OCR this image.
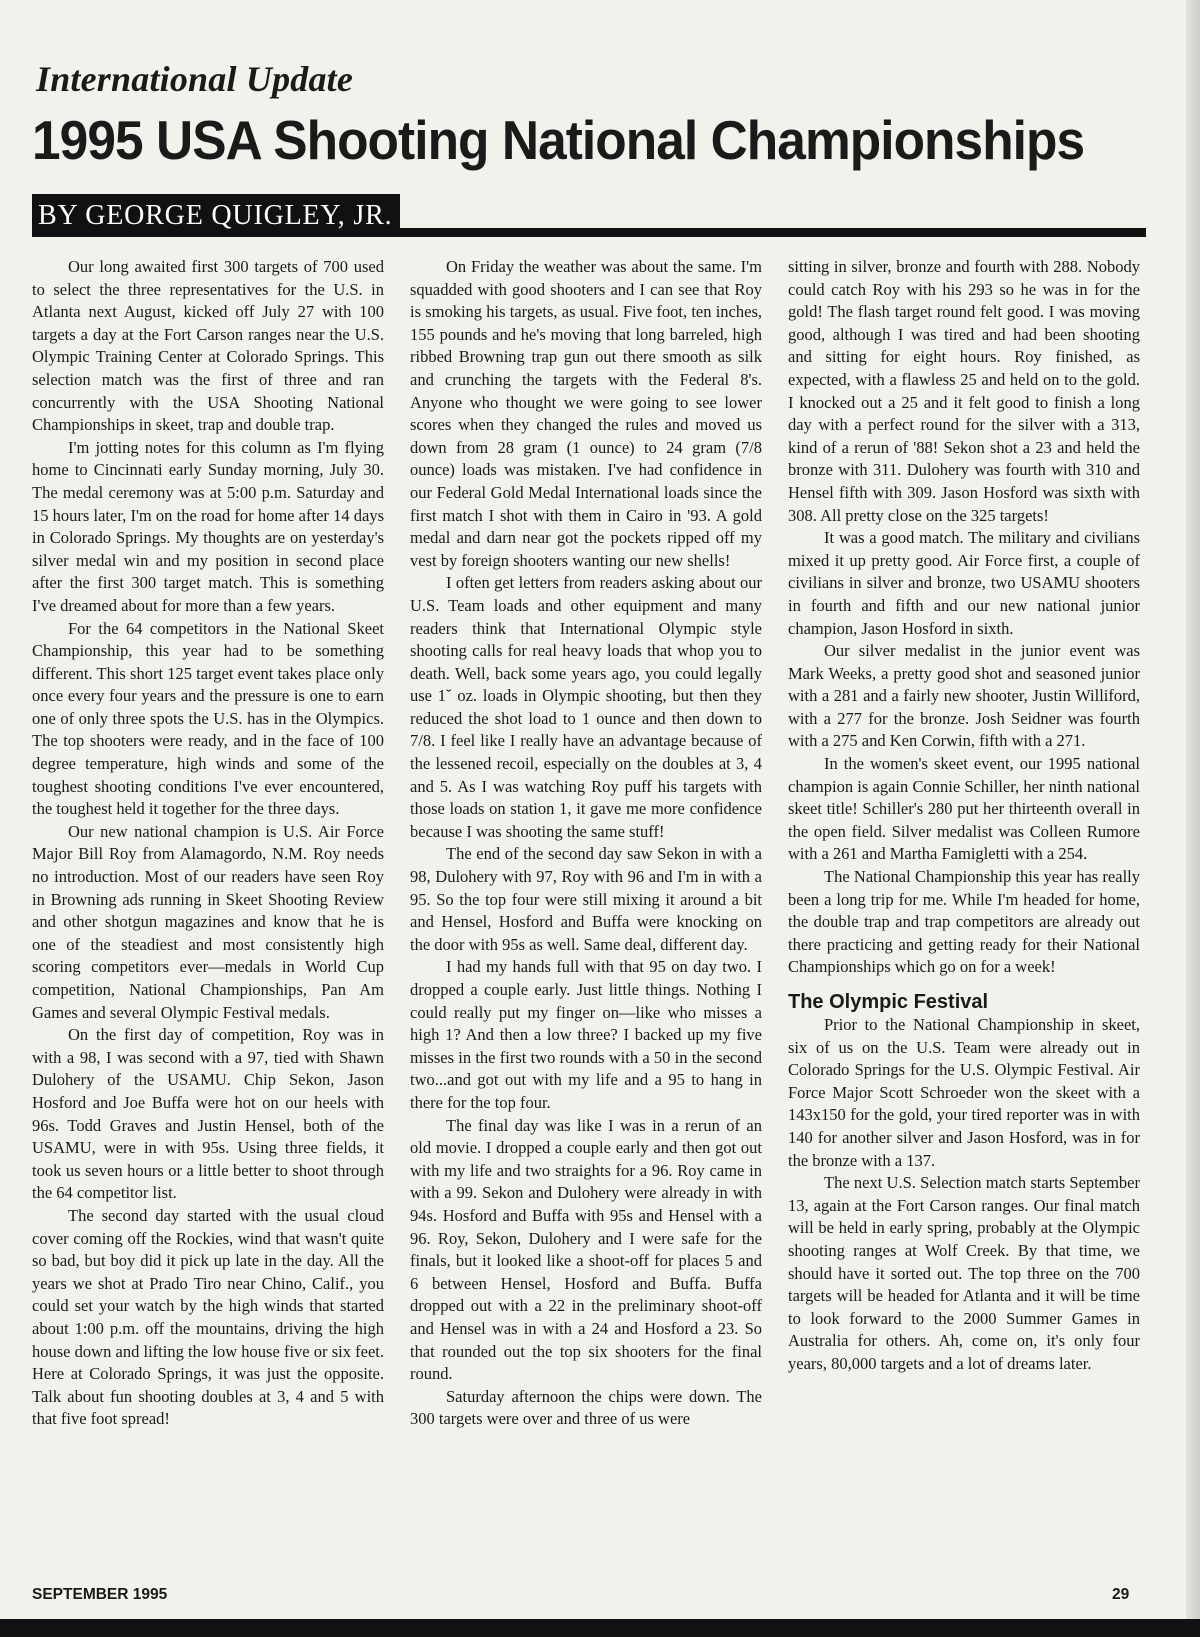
International Update
1995 USA Shooting National Championships
BY GEORGE QUIGLEY, JR.

Our long awaited first 300 targets of 700 used to select the three representatives for the U.S. in Atlanta next August, kicked off July 27 with 100 targets a day at the Fort Carson ranges near the U.S. Olympic Training Center at Colorado Springs. This selection match was the first of three and ran concurrently with the USA Shooting National Championships in skeet, trap and double trap.

I'm jotting notes for this column as I'm flying home to Cincinnati early Sunday morning, July 30. The medal ceremony was at 5:00 p.m. Saturday and 15 hours later, I'm on the road for home after 14 days in Colorado Springs. My thoughts are on yesterday's silver medal win and my position in second place after the first 300 target match. This is something I've dreamed about for more than a few years.

For the 64 competitors in the National Skeet Championship, this year had to be something different. This short 125 target event takes place only once every four years and the pressure is one to earn one of only three spots the U.S. has in the Olympics. The top shooters were ready, and in the face of 100 degree temperature, high winds and some of the toughest shooting conditions I've ever encountered, the toughest held it together for the three days.

Our new national champion is U.S. Air Force Major Bill Roy from Alamagordo, N.M. Roy needs no introduction. Most of our readers have seen Roy in Browning ads running in Skeet Shooting Review and other shotgun magazines and know that he is one of the steadiest and most consistently high scoring competitors ever—medals in World Cup competition, National Championships, Pan Am Games and several Olympic Festival medals.

On the first day of competition, Roy was in with a 98, I was second with a 97, tied with Shawn Dulohery of the USAMU. Chip Sekon, Jason Hosford and Joe Buffa were hot on our heels with 96s. Todd Graves and Justin Hensel, both of the USAMU, were in with 95s. Using three fields, it took us seven hours or a little better to shoot through the 64 competitor list.

The second day started with the usual cloud cover coming off the Rockies, wind that wasn't quite so bad, but boy did it pick up late in the day. All the years we shot at Prado Tiro near Chino, Calif., you could set your watch by the high winds that started about 1:00 p.m. off the mountains, driving the high house down and lifting the low house five or six feet. Here at Colorado Springs, it was just the opposite. Talk about fun shooting doubles at 3, 4 and 5 with that five foot spread!

On Friday the weather was about the same. I'm squadded with good shooters and I can see that Roy is smoking his targets, as usual. Five foot, ten inches, 155 pounds and he's moving that long barreled, high ribbed Browning trap gun out there smooth as silk and crunching the targets with the Federal 8's. Anyone who thought we were going to see lower scores when they changed the rules and moved us down from 28 gram (1 ounce) to 24 gram (7/8 ounce) loads was mistaken. I've had confidence in our Federal Gold Medal International loads since the first match I shot with them in Cairo in '93. A gold medal and darn near got the pockets ripped off my vest by foreign shooters wanting our new shells!

I often get letters from readers asking about our U.S. Team loads and other equipment and many readers think that International Olympic style shooting calls for real heavy loads that whop you to death. Well, back some years ago, you could legally use 1˘ oz. loads in Olympic shooting, but then they reduced the shot load to 1 ounce and then down to 7/8. I feel like I really have an advantage because of the lessened recoil, especially on the doubles at 3, 4 and 5. As I was watching Roy puff his targets with those loads on station 1, it gave me more confidence because I was shooting the same stuff!

The end of the second day saw Sekon in with a 98, Dulohery with 97, Roy with 96 and I'm in with a 95. So the top four were still mixing it around a bit and Hensel, Hosford and Buffa were knocking on the door with 95s as well. Same deal, different day.

I had my hands full with that 95 on day two. I dropped a couple early. Just little things. Nothing I could really put my finger on—like who misses a high 1? And then a low three? I backed up my five misses in the first two rounds with a 50 in the second two...and got out with my life and a 95 to hang in there for the top four.

The final day was like I was in a rerun of an old movie. I dropped a couple early and then got out with my life and two straights for a 96. Roy came in with a 99. Sekon and Dulohery were already in with 94s. Hosford and Buffa with 95s and Hensel with a 96. Roy, Sekon, Dulohery and I were safe for the finals, but it looked like a shoot-off for places 5 and 6 between Hensel, Hosford and Buffa. Buffa dropped out with a 22 in the preliminary shoot-off and Hensel was in with a 24 and Hosford a 23. So that rounded out the top six shooters for the final round.

Saturday afternoon the chips were down. The 300 targets were over and three of us were

sitting in silver, bronze and fourth with 288. Nobody could catch Roy with his 293 so he was in for the gold! The flash target round felt good. I was moving good, although I was tired and had been shooting and sitting for eight hours. Roy finished, as expected, with a flawless 25 and held on to the gold. I knocked out a 25 and it felt good to finish a long day with a perfect round for the silver with a 313, kind of a rerun of '88! Sekon shot a 23 and held the bronze with 311. Dulohery was fourth with 310 and Hensel fifth with 309. Jason Hosford was sixth with 308. All pretty close on the 325 targets!

It was a good match. The military and civilians mixed it up pretty good. Air Force first, a couple of civilians in silver and bronze, two USAMU shooters in fourth and fifth and our new national junior champion, Jason Hosford in sixth.

Our silver medalist in the junior event was Mark Weeks, a pretty good shot and seasoned junior with a 281 and a fairly new shooter, Justin Williford, with a 277 for the bronze. Josh Seidner was fourth with a 275 and Ken Corwin, fifth with a 271.

In the women's skeet event, our 1995 national champion is again Connie Schiller, her ninth national skeet title! Schiller's 280 put her thirteenth overall in the open field. Silver medalist was Colleen Rumore with a 261 and Martha Famigletti with a 254.

The National Championship this year has really been a long trip for me. While I'm headed for home, the double trap and trap competitors are already out there practicing and getting ready for their National Championships which go on for a week!

The Olympic Festival

Prior to the National Championship in skeet, six of us on the U.S. Team were already out in Colorado Springs for the U.S. Olympic Festival. Air Force Major Scott Schroeder won the skeet with a 143x150 for the gold, your tired reporter was in with 140 for another silver and Jason Hosford, was in for the bronze with a 137.

The next U.S. Selection match starts September 13, again at the Fort Carson ranges. Our final match will be held in early spring, probably at the Olympic shooting ranges at Wolf Creek. By that time, we should have it sorted out. The top three on the 700 targets will be headed for Atlanta and it will be time to look forward to the 2000 Summer Games in Australia for others. Ah, come on, it's only four years, 80,000 targets and a lot of dreams later.

SEPTEMBER 1995	29
